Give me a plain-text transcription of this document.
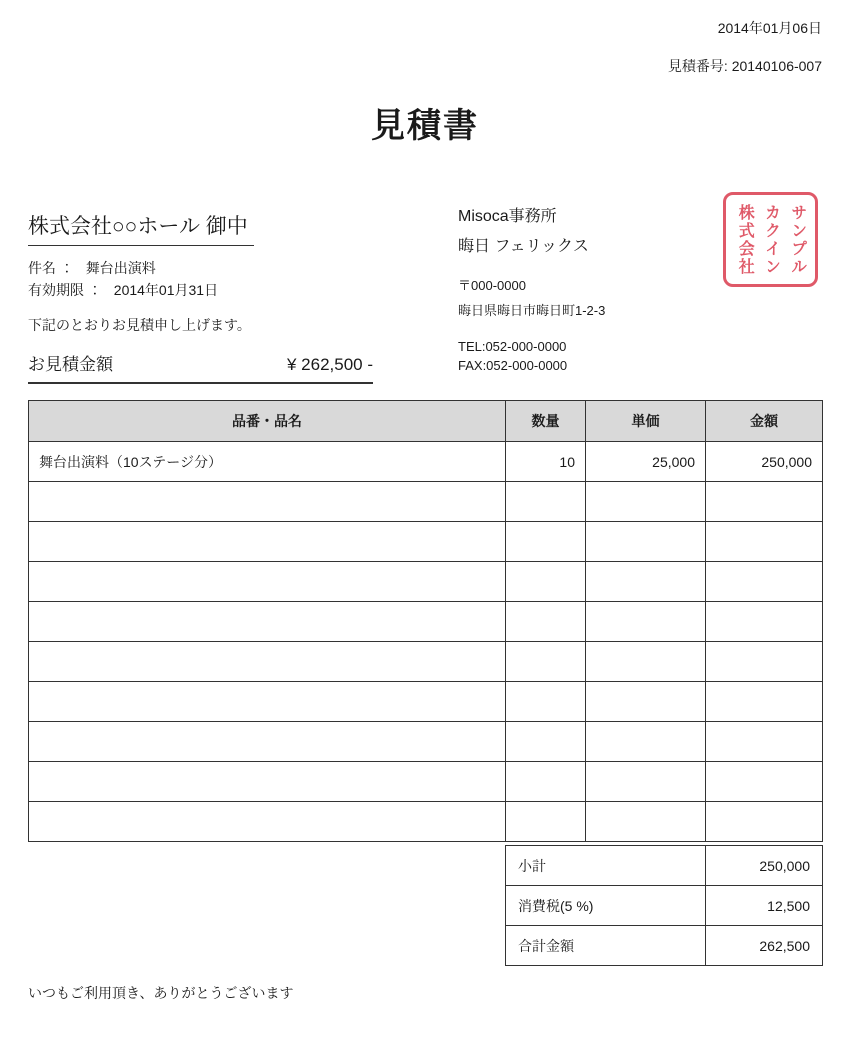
2014年01月06日
見積番号: 20140106-007
見積書
株式会社○○ホール 御中
件名 ： 舞台出演料
有効期限 ： 2014年01月31日
下記のとおりお見積申し上げます。
お見積金額	¥ 262,500 -
Misoca事務所
晦日 フェリックス
〒000-0000
晦日県晦日市晦日町1-2-3
TEL:052-000-0000
FAX:052-000-0000
サンプル
カクイン
株式会社
品番・品名	数量	単価	金額
舞台出演料（10ステージ分）	10	25,000	250,000

小計	250,000
消費税(5 %)	12,500
合計金額	262,500
いつもご利用頂き、ありがとうございます
